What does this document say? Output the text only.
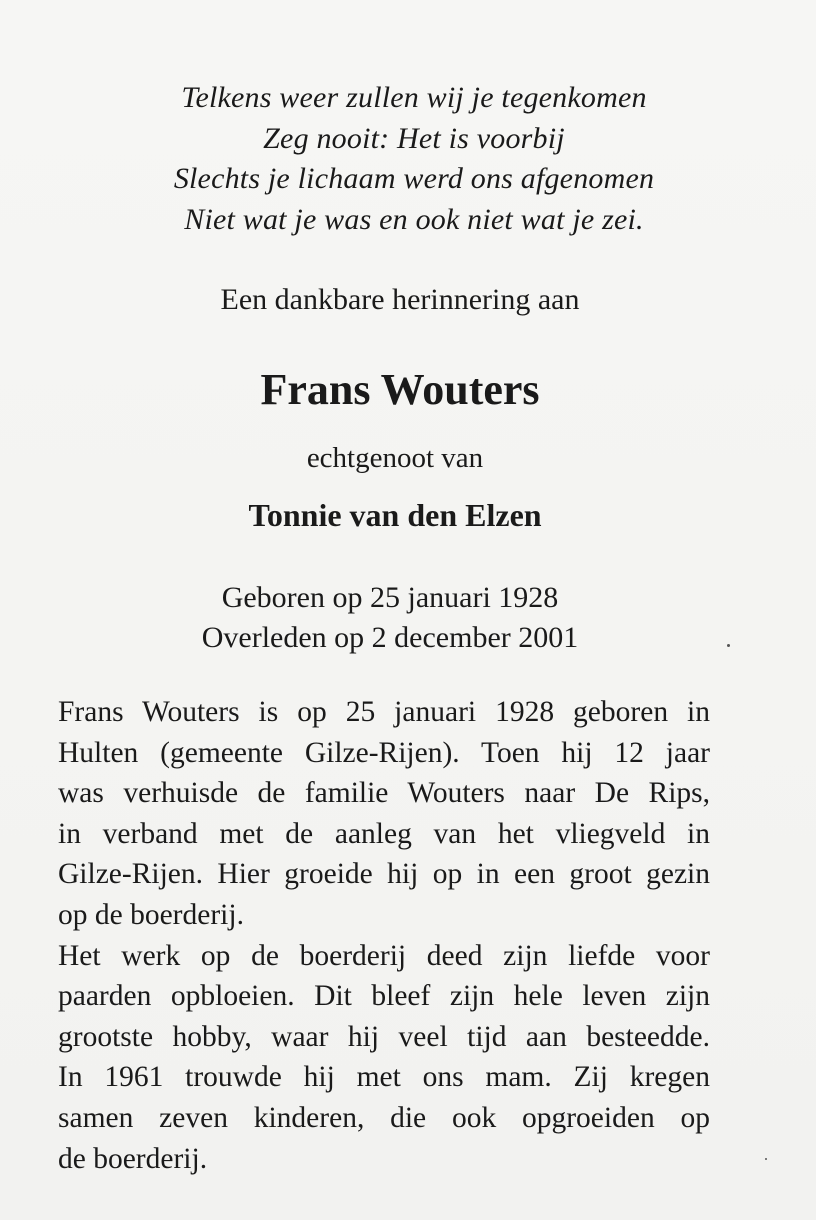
Telkens weer zullen wij je tegenkomen
Zeg nooit: Het is voorbij
Slechts je lichaam werd ons afgenomen
Niet wat je was en ook niet wat je zei.
Een dankbare herinnering aan
Frans Wouters
echtgenoot van
Tonnie van den Elzen
Geboren op 25 januari 1928
Overleden op 2 december 2001

Frans Wouters is op 25 januari 1928 geboren in
Hulten (gemeente Gilze-Rijen). Toen hij 12 jaar
was verhuisde de familie Wouters naar De Rips,
in verband met de aanleg van het vliegveld in
Gilze-Rijen. Hier groeide hij op in een groot gezin
op de boerderij.

Het werk op de boerderij deed zijn liefde voor
paarden opbloeien. Dit bleef zijn hele leven zijn
grootste hobby, waar hij veel tijd aan besteedde.
In 1961 trouwde hij met ons mam. Zij kregen
samen zeven kinderen, die ook opgroeiden op
de boerderij.
